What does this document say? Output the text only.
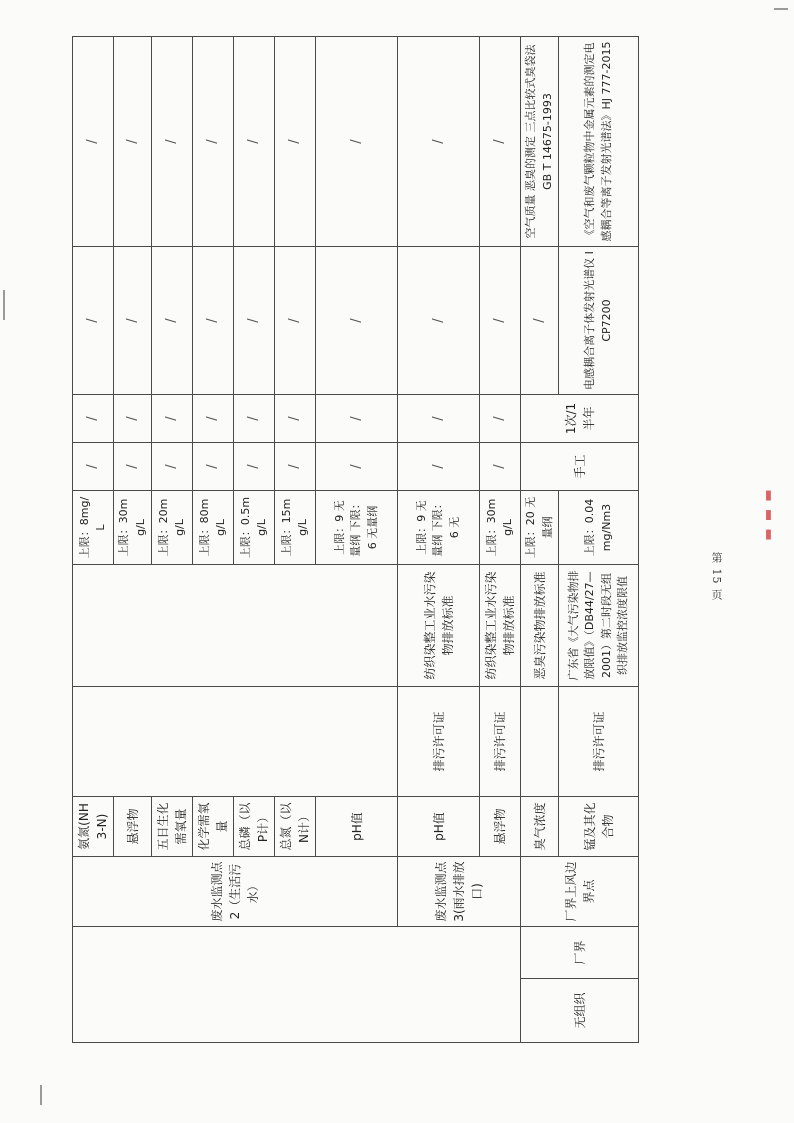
		废水监测点2（生活污水）	氨氮(NH3-N)			上限：8mg/L	/	/	/	/
			悬浮物			上限：30mg/L	/	/	/	/
			五日生化需氧量			上限：20mg/L	/	/	/	/
			化学需氧量			上限：80mg/L	/	/	/	/
			总磷（以P计）			上限：0.5mg/L	/	/	/	/
			总氮（以N计）			上限：15mg/L	/	/	/	/
			pH值			上限：9 无量纲 下限：6 无量纲	/	/	/	/
		废水监测点3(雨水排放口)	pH值	排污许可证	纺织染整工业水污染物排放标准	上限：9 无量纲 下限：6 无	/	/	/	/
			悬浮物	排污许可证	纺织染整工业水污染物排放标准	上限：30mg/L	/	/	/	/
无组织	厂界	厂界上风边界点	臭气浓度		恶臭污染物排放标准	上限：20 无量纲	手工	1次/1半年	/	空气质量 恶臭的测定 三点比较式臭袋法 GB T 14675-1993
			锰及其化合物	排污许可证	广东省《大气污染物排放限值》（DB44/27—2001）第二时段无组织排放监控浓度限值	上限：0.04mg/Nm3			电感耦合离子体发射光谱仪 ICP7200	《空气和废气颗粒物中金属元素的测定电感耦合等离子发射光谱法》HJ 777-2015
第 15 页
▮ ▮ ▮
